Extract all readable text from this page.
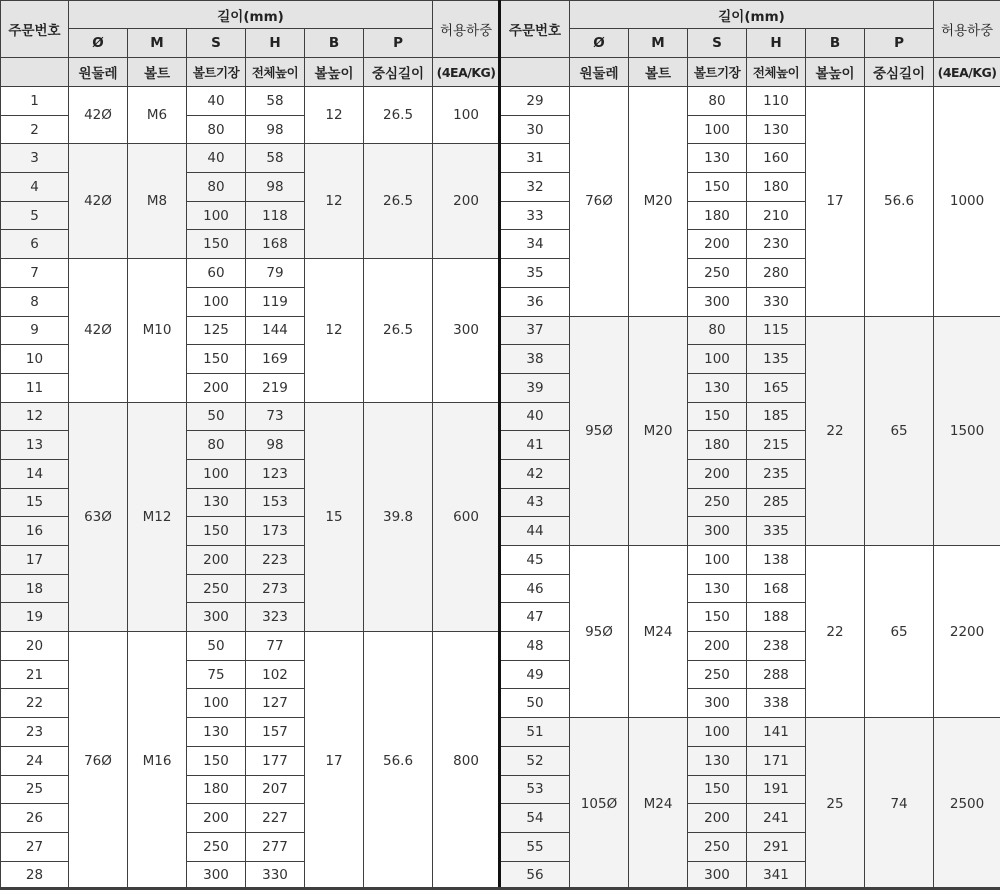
주문번호	길이(mm)						허용하중
	Ø	M	S	H	B	P	
	원둘레	볼트	볼트기장	전체높이	볼높이	중심길이	(4EA/KG)
1	42Ø	M6	40	58	12	26.5	100
2			80	98			
3	42Ø	M8	40	58	12	26.5	200
4			80	98			
5			100	118			
6			150	168			
7	42Ø	M10	60	79	12	26.5	300
8			100	119			
9			125	144			
10			150	169			
11			200	219			
12	63Ø	M12	50	73	15	39.8	600
13			80	98			
14			100	123			
15			130	153			
16			150	173			
17			200	223			
18			250	273			
19			300	323			
20	76Ø	M16	50	77	17	56.6	800
21			75	102			
22			100	127			
23			130	157			
24			150	177			
25			180	207			
26			200	227			
27			250	277			
28			300	330			
주문번호	길이(mm)						허용하중
	Ø	M	S	H	B	P	
	원둘레	볼트	볼트기장	전체높이	볼높이	중심길이	(4EA/KG)
29	76Ø	M20	80	110	17	56.6	1000
30			100	130			
31			130	160			
32			150	180			
33			180	210			
34			200	230			
35			250	280			
36			300	330			
37	95Ø	M20	80	115	22	65	1500
38			100	135			
39			130	165			
40			150	185			
41			180	215			
42			200	235			
43			250	285			
44			300	335			
45	95Ø	M24	100	138	22	65	2200
46			130	168			
47			150	188			
48			200	238			
49			250	288			
50			300	338			
51	105Ø	M24	100	141	25	74	2500
52			130	171			
53			150	191			
54			200	241			
55			250	291			
56			300	341			
